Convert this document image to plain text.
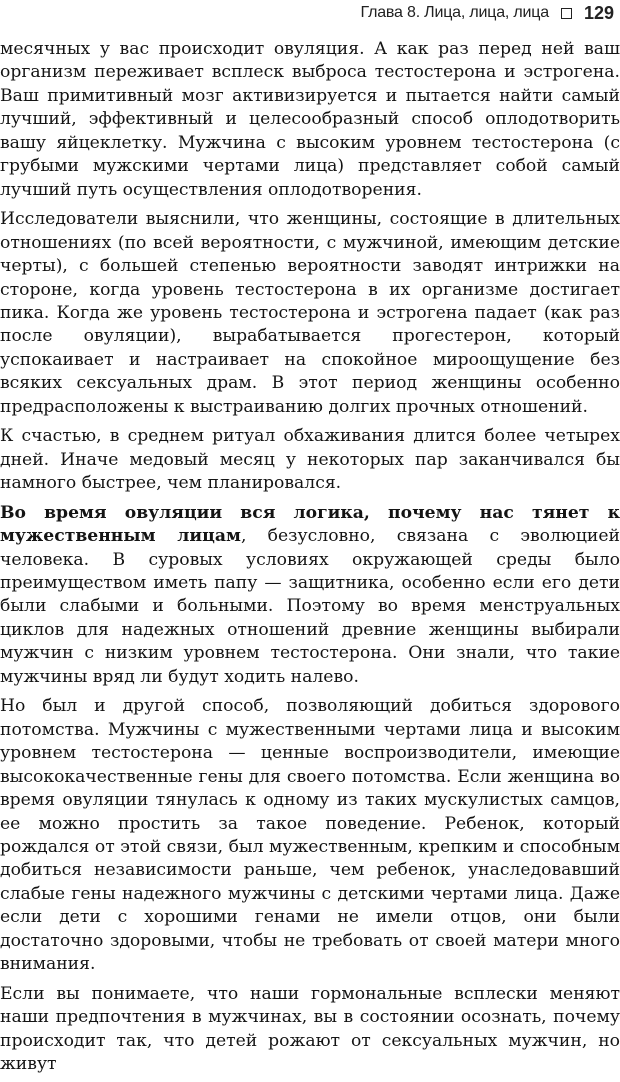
Глава 8. Лица, лица, лица 129

месячных у вас происходит овуляция. А как раз перед ней ваш организм переживает всплеск выброса тестостерона и эстрогена. Ваш примитивный мозг активизируется и пытается найти самый лучший, эффективный и целесообразный способ оплодотворить вашу яйцеклетку. Мужчина с высоким уровнем тестостерона (с грубыми мужскими чертами лица) представляет собой самый лучший путь осуществления оплодотворения.

Исследователи выяснили, что женщины, состоящие в длительных отношениях (по всей вероятности, с мужчиной, имеющим детские черты), с большей степенью вероятности заводят интрижки на стороне, когда уровень тестостерона в их организме достигает пика. Когда же уровень тестостерона и эстрогена падает (как раз после овуляции), вырабатывается прогестерон, который успокаивает и настраивает на спокойное мироощущение без всяких сексуальных драм. В этот период женщины особенно предрасположены к выстраиванию долгих прочных отношений.

К счастью, в среднем ритуал обхаживания длится более четырех дней. Иначе медовый месяц у некоторых пар заканчивался бы намного быстрее, чем планировался.

Во время овуляции вся логика, почему нас тянет к мужественным лицам, безусловно, связана с эволюцией человека. В суровых условиях окружающей среды было преимуществом иметь папу — защитника, особенно если его дети были слабыми и больными. Поэтому во время менструальных циклов для надежных отношений древние женщины выбирали мужчин с низким уровнем тестостерона. Они знали, что такие мужчины вряд ли будут ходить налево.

Но был и другой способ, позволяющий добиться здорового потомства. Мужчины с мужественными чертами лица и высоким уровнем тестостерона — ценные воспроизводители, имеющие высококачественные гены для своего потомства. Если женщина во время овуляции тянулась к одному из таких мускулистых самцов, ее можно простить за такое поведение. Ребенок, который рождался от этой связи, был мужественным, крепким и способным добиться независимости раньше, чем ребенок, унаследовавший слабые гены надежного мужчины с детскими чертами лица. Даже если дети с хорошими генами не имели отцов, они были достаточно здоровыми, чтобы не требовать от своей матери много внимания.

Если вы понимаете, что наши гормональные всплески меняют наши предпочтения в мужчинах, вы в состоянии осознать, почему происходит так, что детей рожают от сексуальных мужчин, но живут
